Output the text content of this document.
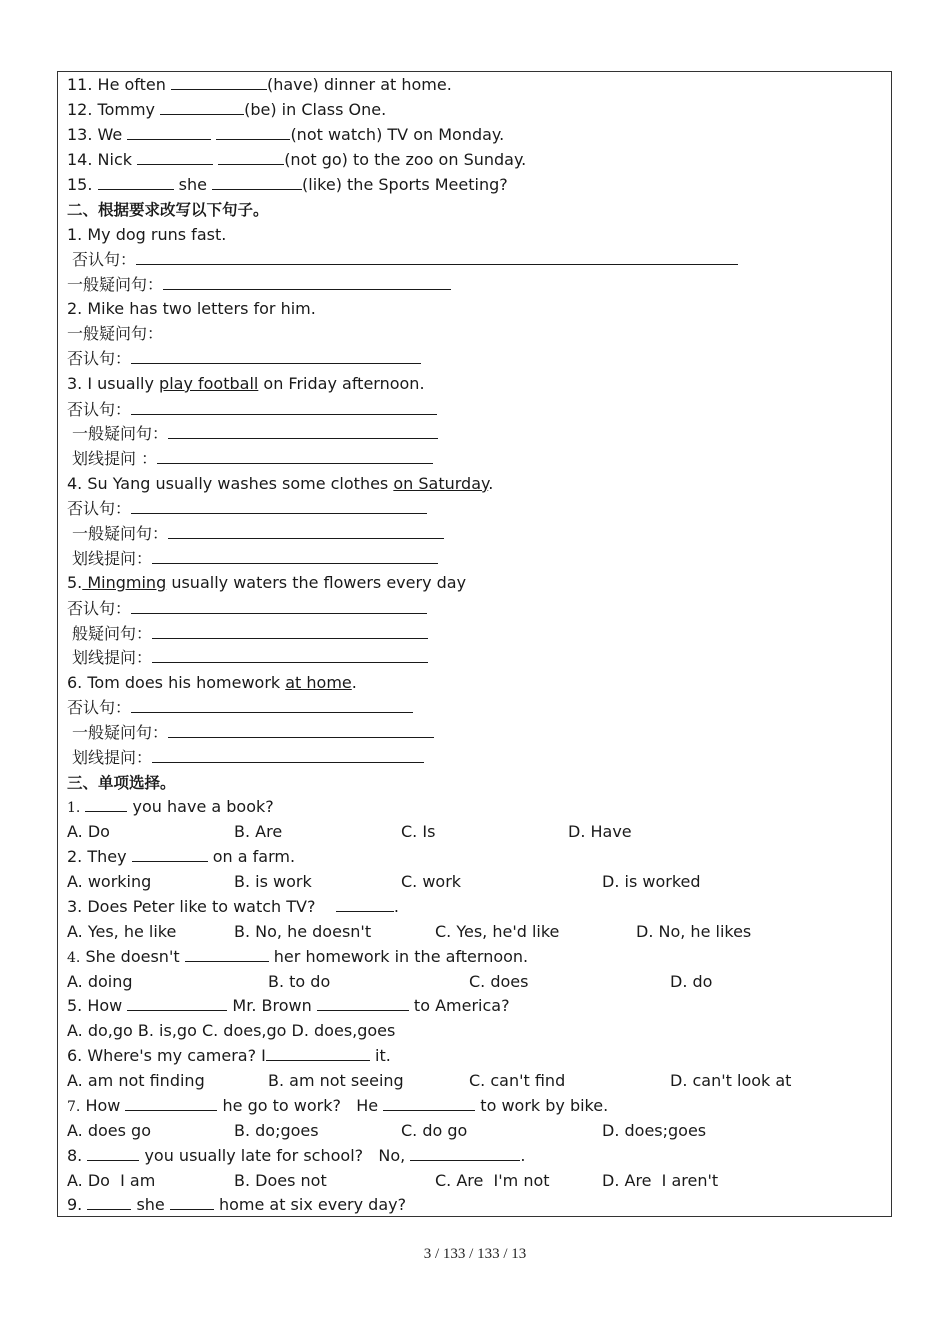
11. He often	(have) dinner at home.
12. Tommy	(be) in Class One.
13. We	(not watch) TV on Monday.
14. Nick	(not go) to the zoo on Sunday.
15.	she	(like) the Sports Meeting?
二、根据要求改写以下句子。
1. My dog runs fast.
否认句：
一般疑问句：
2. Mike has two letters for him.
一般疑问句：
否认句：
3. I usually play football on Friday afternoon.
否认句：
一般疑问句：
划线提问 ：
4. Su Yang usually washes some clothes on Saturday.
否认句：
一般疑问句：
划线提问：
5. Mingming usually waters the flowers every day
否认句：
般疑问句：
划线提问：
6. Tom does his homework at home.
否认句：
一般疑问句：
划线提问：
三、单项选择。
1.	you have a book?
A. Do	B. Are	C. Is	D. Have
2. They	on a farm.
A. working	B. is work	C. work	D. is worked
3. Does Peter like to watch TV?	.
A. Yes, he like	B. No, he doesn't	C. Yes, he'd like	D. No, he likes
4. She doesn't	her homework in the afternoon.
A. doing	B. to do	C. does	D. do
5. How	Mr. Brown	to America?
A. do,go B. is,go C. does,go D. does,goes
6. Where's my camera? I	it.
A. am not finding	B. am not seeing	C. can't find	D. can't look at
7. How	he go to work?   He	to work by bike.
A. does go	B. do;goes	C. do go	D. does;goes
8.	you usually late for school?   No,	.
A. Do  I am	B. Does not	C. Are  I'm not	D. Are  I aren't
9.	she	home at six every day?
3 / 133 / 133 / 13
